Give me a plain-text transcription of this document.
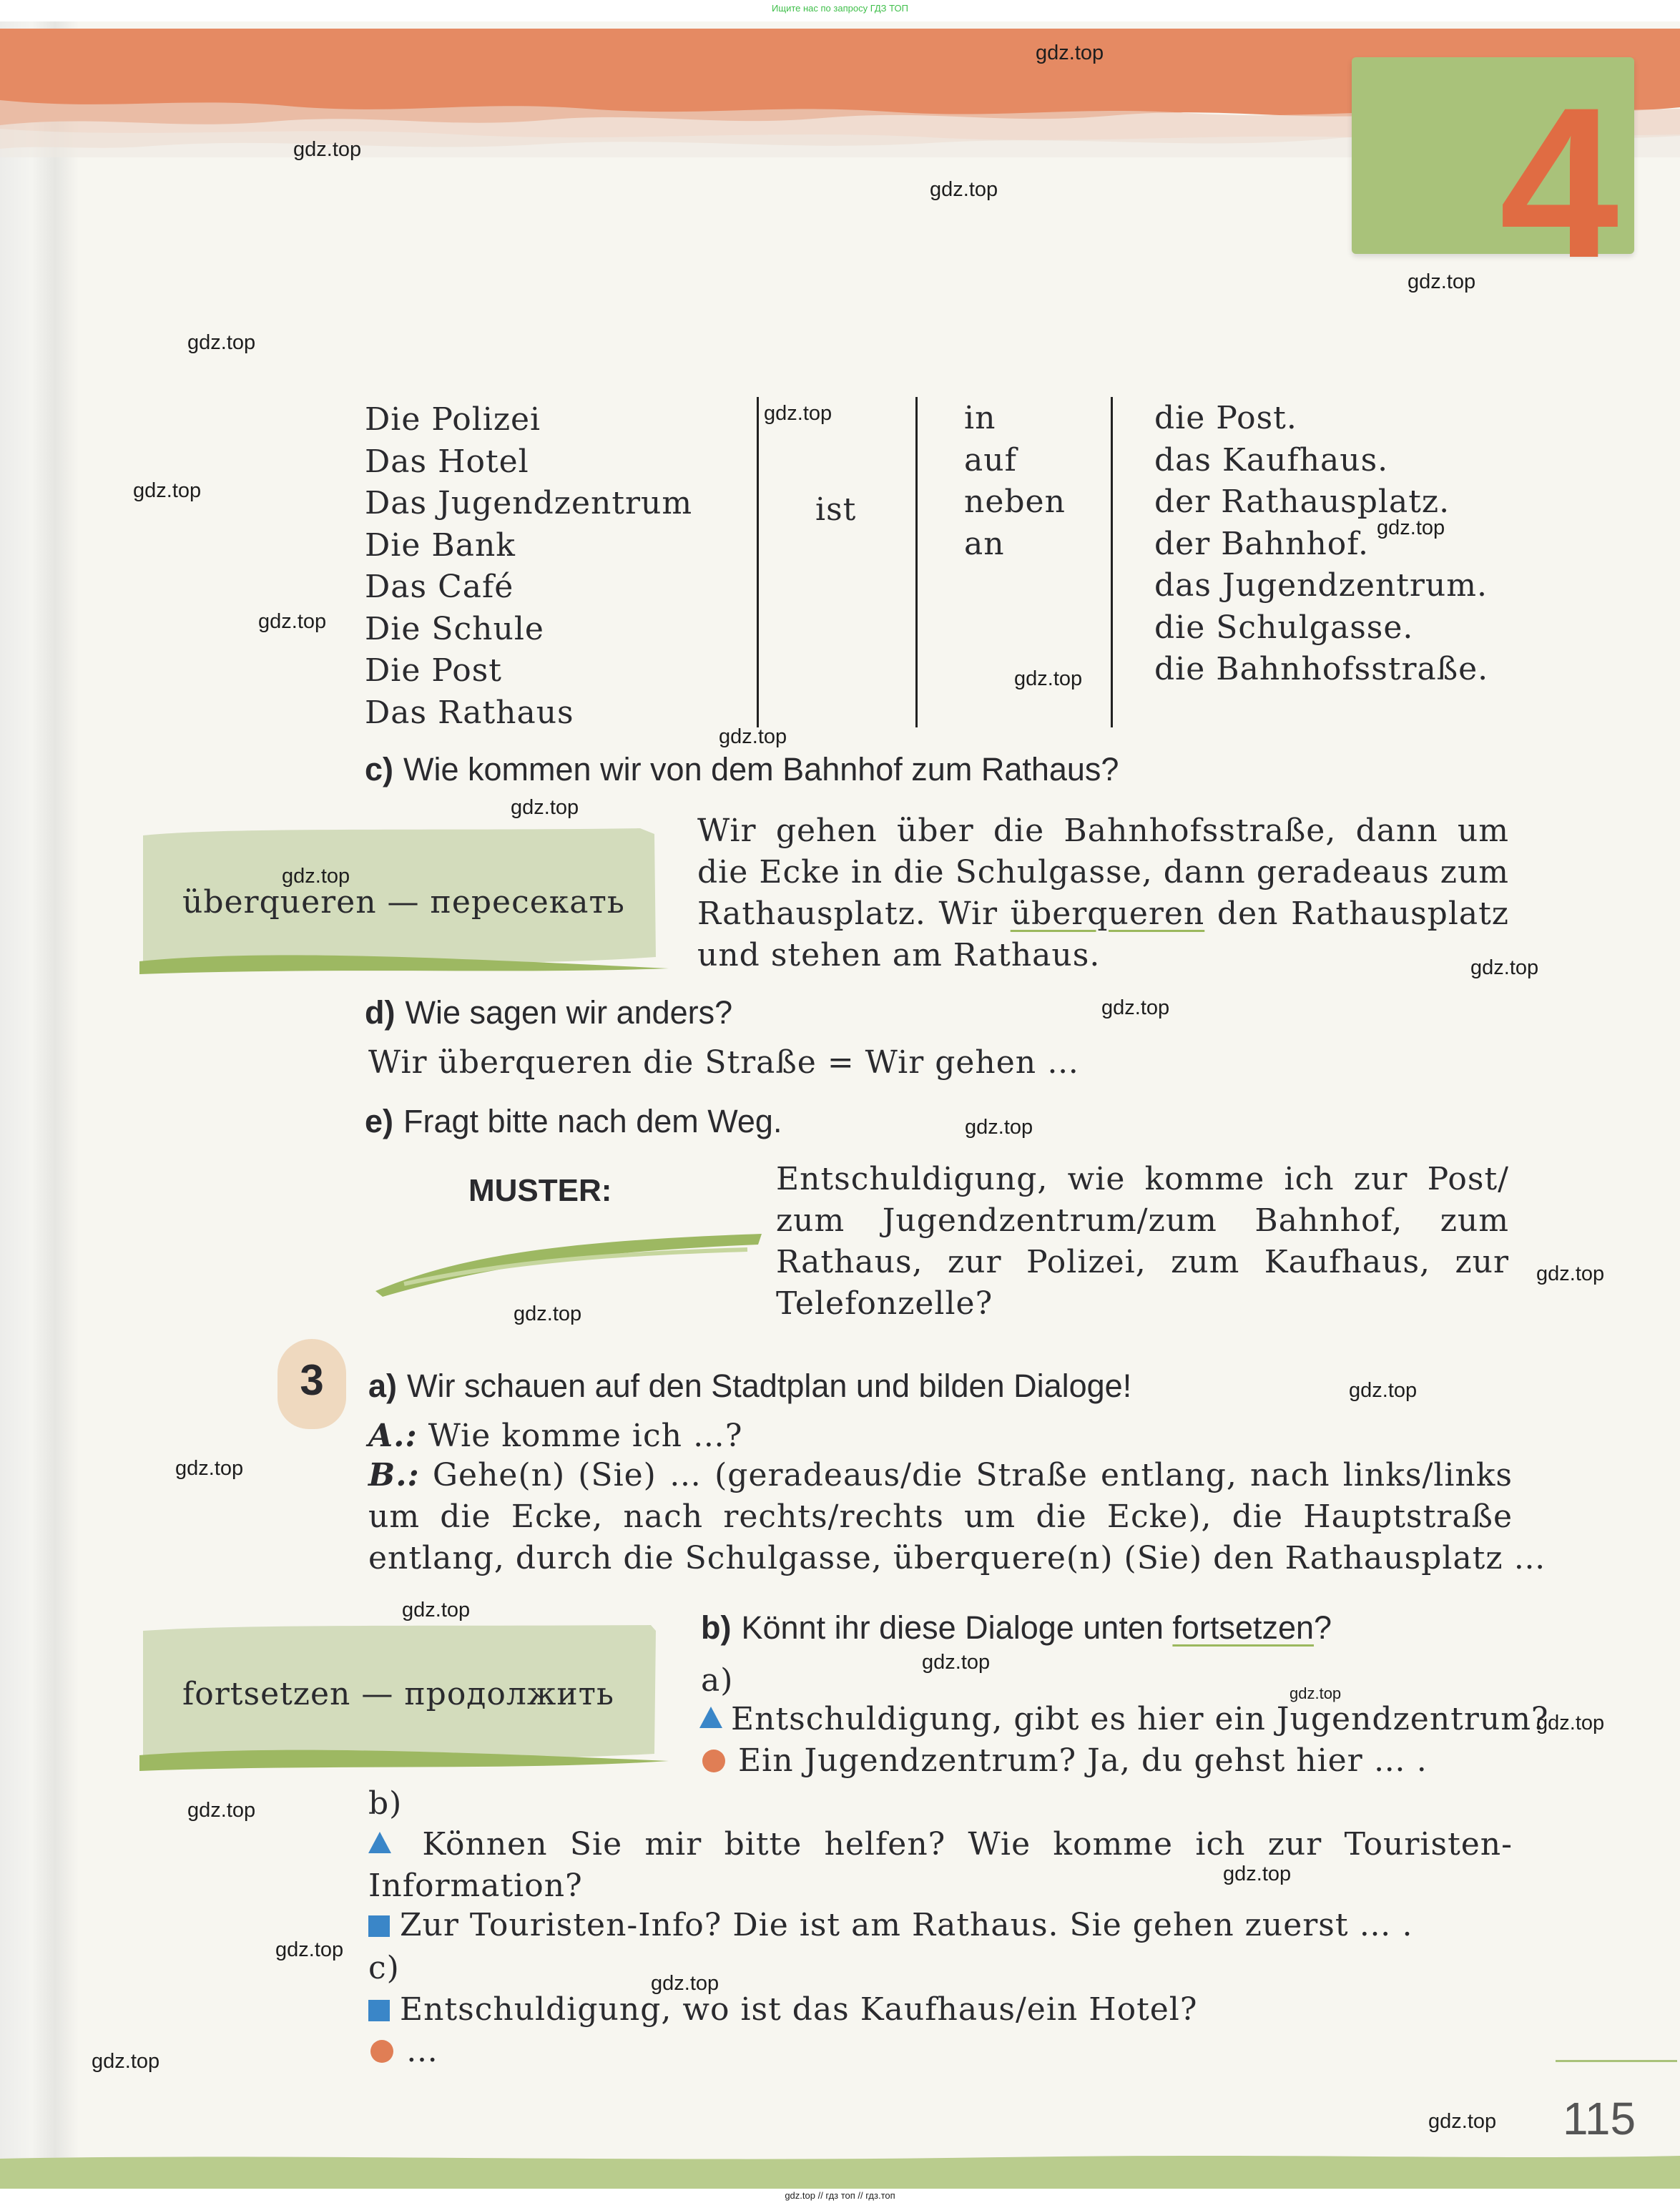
Ищите нас по запросу ГДЗ ТОП
4
Die Polizei
Das Hotel
Das Jugendzentrum
Die Bank
Das Café
Die Schule
Die Post
Das Rathaus
ist
in
auf
neben
an
die Post.
das Kaufhaus.
der Rathausplatz.
der Bahnhof.
das Jugendzentrum.
die Schulgasse.
die Bahnhofsstraße.
c) Wie kommen wir von dem Bahnhof zum Rathaus?
überqueren — пересекать
Wir gehen über die Bahnhofsstraße, dann um
die Ecke in die Schulgasse, dann geradeaus zum
Rathausplatz. Wir überqueren den Rathausplatz
und stehen am Rathaus.
d) Wie sagen wir anders?
Wir überqueren die Straße = Wir gehen …
e) Fragt bitte nach dem Weg.
MUSTER:	Entschuldigung, wie komme ich zur Post/
zum Jugendzentrum/zum Bahnhof, zum
Rathaus, zur Polizei, zum Kaufhaus, zur
Telefonzelle?
3	a) Wir schauen auf den Stadtplan und bilden Dialoge!
A.: Wie komme ich …?
B.: Gehe(n) (Sie) … (geradeaus/die Straße entlang, nach links/links
um die Ecke, nach rechts/rechts um die Ecke), die Hauptstraße
entlang, durch die Schulgasse, überquere(n) (Sie) den Rathausplatz …
fortsetzen — продолжить
b) Könnt ihr diese Dialoge unten fortsetzen?
a)
Entschuldigung, gibt es hier ein Jugendzentrum?
Ein Jugendzentrum? Ja, du gehst hier … .
b)
Können Sie mir bitte helfen? Wie komme ich zur Touristen-
Information?
Zur Touristen-Info? Die ist am Rathaus. Sie gehen zuerst … .
c)
Entschuldigung, wo ist das Kaufhaus/ein Hotel?
…
115
gdz.top // гдз топ // гдз.топ
gdz.top
gdz.top
gdz.top
gdz.top
gdz.top
gdz.top
gdz.top
gdz.top
gdz.top
gdz.top
gdz.top
gdz.top
gdz.top
gdz.top
gdz.top
gdz.top
gdz.top
gdz.top
gdz.top
gdz.top
gdz.top
gdz.top
gdz.top
gdz.top
gdz.top
gdz.top
gdz.top
gdz.top
gdz.top
gdz.top
